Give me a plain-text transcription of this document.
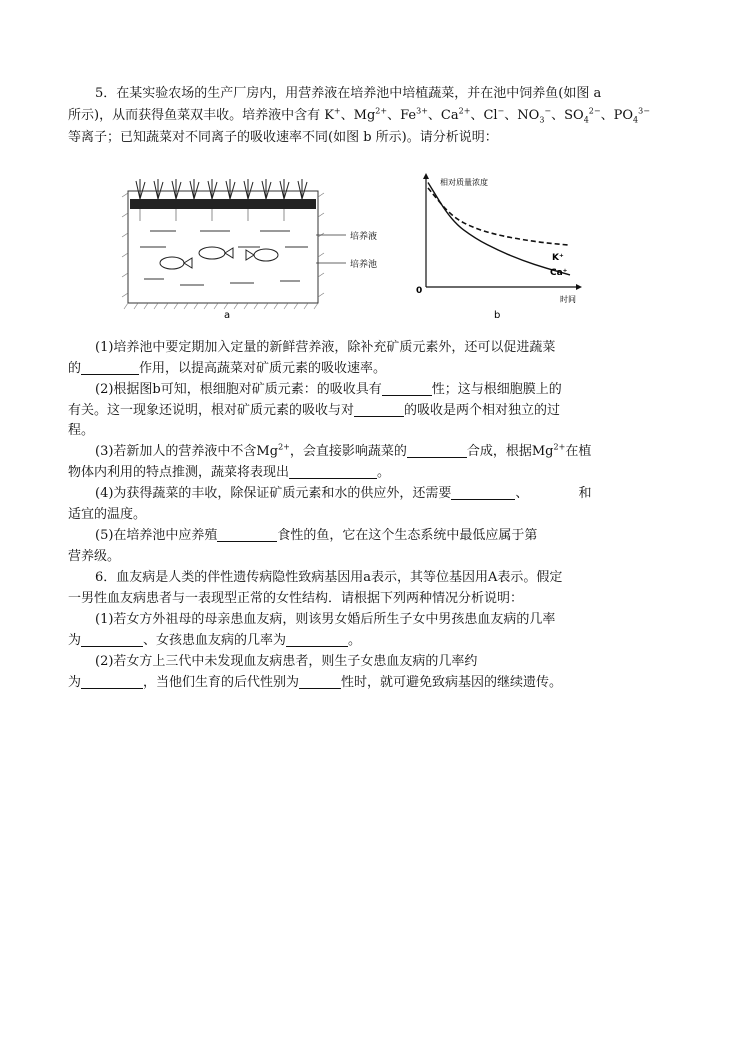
5．在某实验农场的生产厂房内，用营养液在培养池中培植蔬菜，并在池中饲养鱼(如图 a
所示)，从而获得鱼菜双丰收。培养液中含有 K+、$Mg^{2+}$、$Fe^{3+}$、$Ca^{2+}$、Cl−、$NO_3^-$、$SO_4^{2-}$、$PO_4^{3-}$
等离子；已知蔬菜对不同离子的吸收速率不同(如图 b 所示)。请分析说明：
培养液
培养池
a
相对质量浓度
时间
0
K⁺
Ca⁺
b
(1)培养池中要定期加入定量的新鲜营养液，除补充矿质元素外，还可以促进蔬菜
的	作用，以提高蔬菜对矿质元素的吸收速率。
(2)根据图b可知，根细胞对矿质元素：的吸收具有	性；这与根细胞膜上的
有关。这一现象还说明，根对矿质元素的吸收与对	的吸收是两个相对独立的过
程。
(3)若新加人的营养液中不含$Mg^{2+}$，会直接影响蔬菜的	合成，根据$Mg^{2+}$在植
物体内利用的特点推测，蔬菜将表现出	。
(4)为获得蔬菜的丰收，除保证矿质元素和水的供应外，还需要	、	和
适宜的温度。
(5)在培养池中应养殖	食性的鱼，它在这个生态系统中最低应属于第
营养级。
6．血友病是人类的伴性遗传病隐性致病基因用a表示，其等位基因用A表示。假定
一男性血友病患者与一表现型正常的女性结构．请根据下列两种情况分析说明：
(1)若女方外祖母的母亲患血友病，则该男女婚后所生子女中男孩患血友病的几率
为	、女孩患血友病的几率为	。
(2)若女方上三代中未发现血友病患者，则生子女患血友病的几率约
为	，当他们生育的后代性别为	性时，就可避免致病基因的继续遗传。
